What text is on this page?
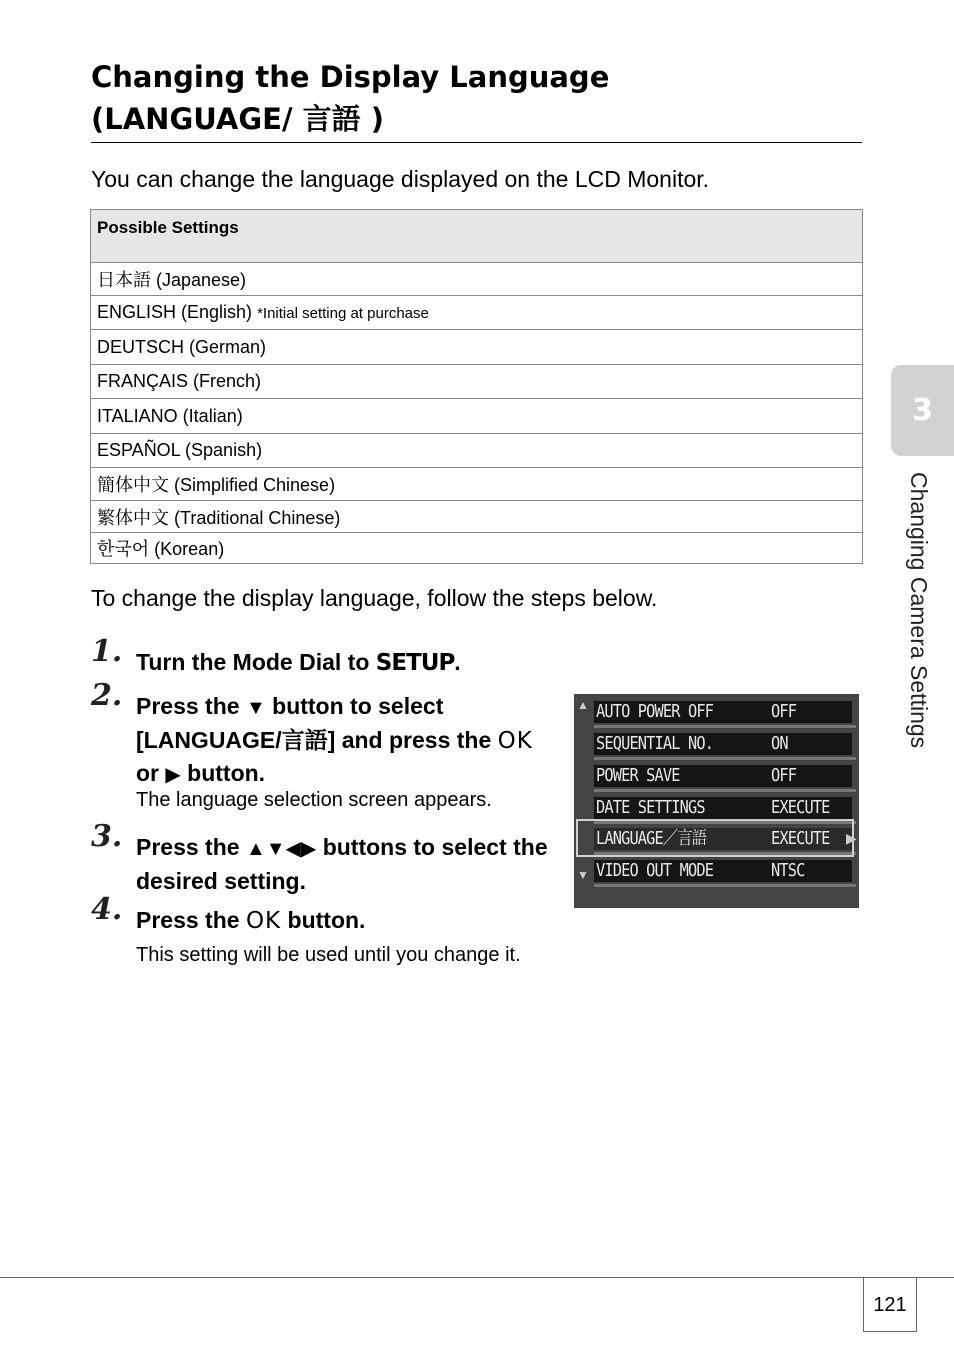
Changing the Display Language
(LANGUAGE/ 言語 )

You can change the language displayed on the LCD Monitor.

Possible Settings
日本語 (Japanese)
ENGLISH (English) *Initial setting at purchase
DEUTSCH (German)
FRANÇAIS (French)
ITALIANO (Italian)
ESPAÑOL (Spanish)
簡体中文 (Simplified Chinese)
繁体中文 (Traditional Chinese)
한국어 (Korean)

To change the display language, follow the steps below.

1. Turn the Mode Dial to SETUP.
2. Press the ▼ button to select [LANGUAGE/言語] and press the OK or ▶ button.
The language selection screen appears.
3. Press the ▲▼◀▶ buttons to select the desired setting.
4. Press the OK button.
This setting will be used until you change it.
▲
▼
AUTO POWER OFF	OFF
SEQUENTIAL NO.	ON
POWER SAVE	OFF
DATE SETTINGS	EXECUTE
LANGUAGE／言語	EXECUTE
VIDEO OUT MODE	NTSC
▶
3
Changing Camera Settings
121
